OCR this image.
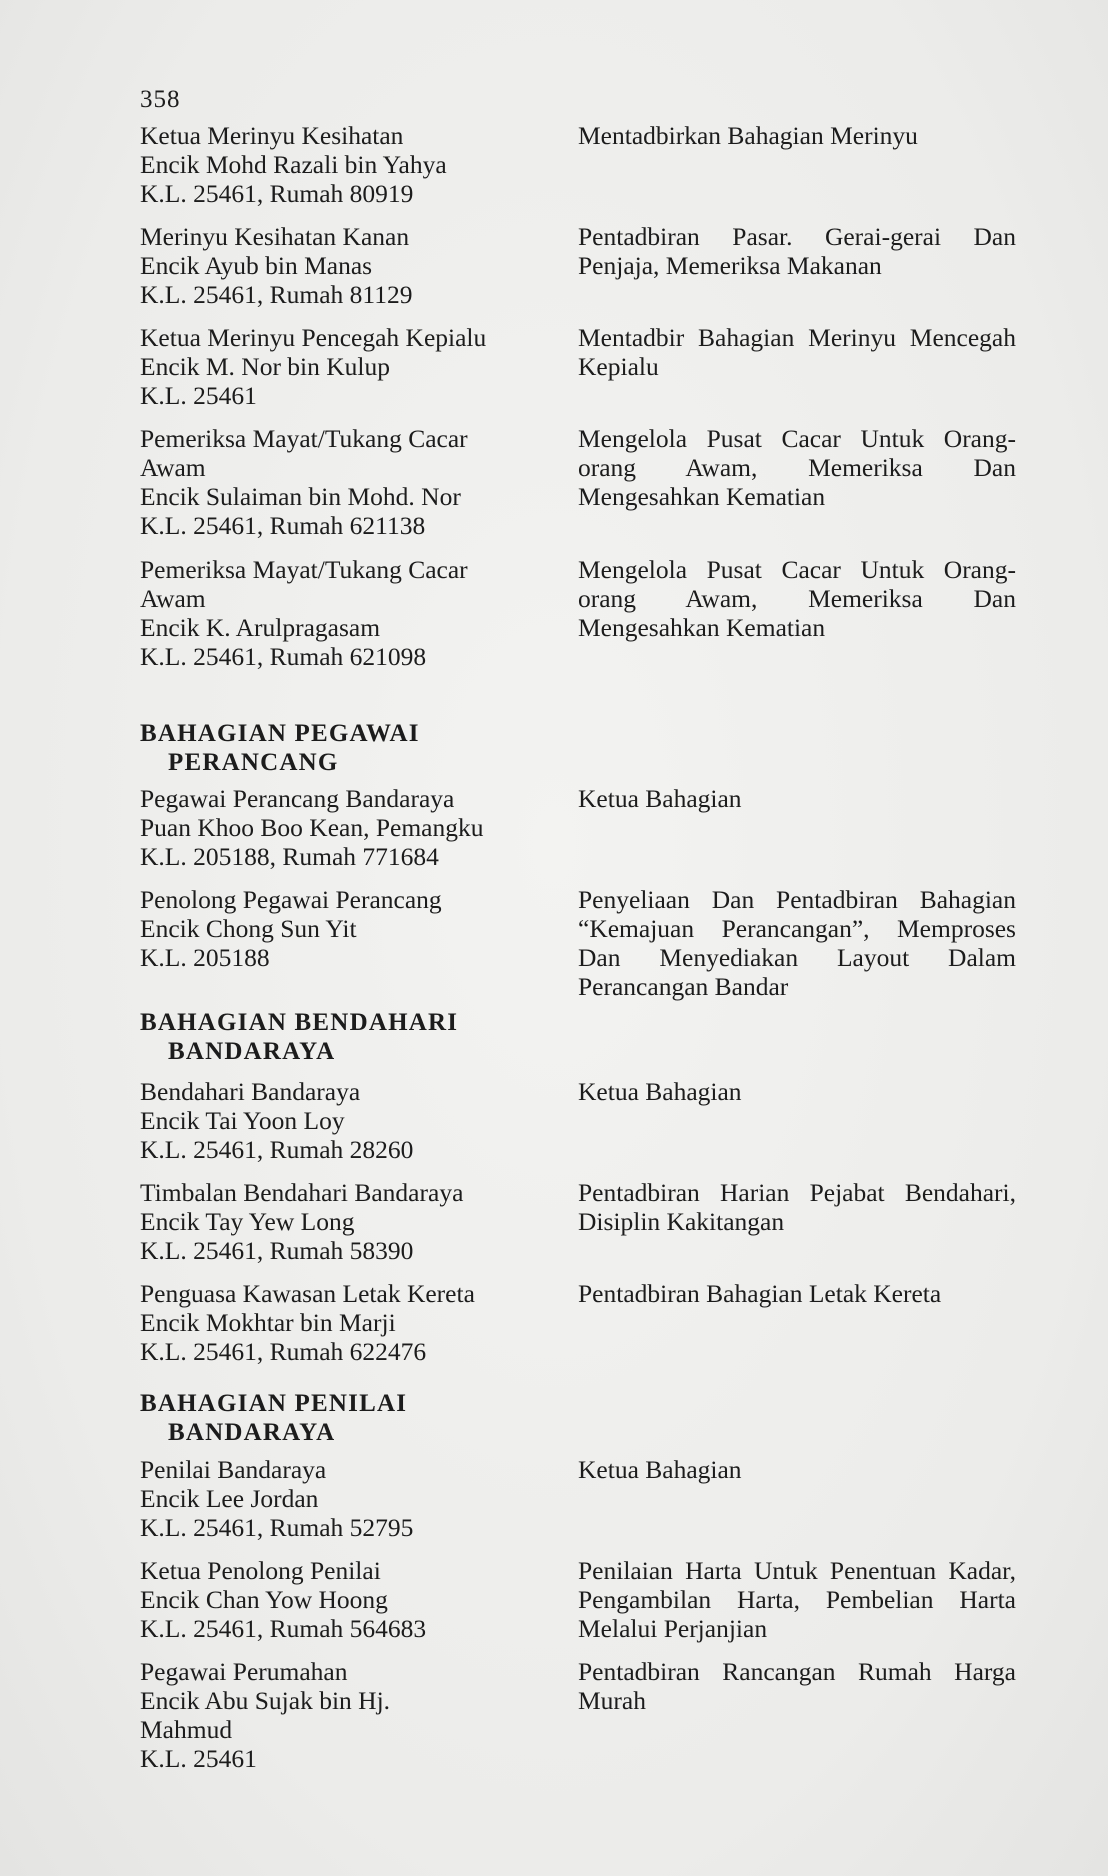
358
Ketua Merinyu Kesihatan
Encik Mohd Razali bin Yahya
K.L. 25461, Rumah 80919
Mentadbirkan Bahagian Merinyu
Merinyu Kesihatan Kanan
Encik Ayub bin Manas
K.L. 25461, Rumah 81129
Pentadbiran Pasar. Gerai-gerai Dan Penjaja, Memeriksa Makanan
Ketua Merinyu Pencegah Kepialu
Encik M. Nor bin Kulup
K.L. 25461
Mentadbir Bahagian Merinyu Mencegah Kepialu
Pemeriksa Mayat/Tukang Cacar
Awam
Encik Sulaiman bin Mohd. Nor
K.L. 25461, Rumah 621138
Mengelola Pusat Cacar Untuk Orang-orang Awam, Memeriksa Dan Mengesahkan Kematian
Pemeriksa Mayat/Tukang Cacar
Awam
Encik K. Arulpragasam
K.L. 25461, Rumah 621098
Mengelola Pusat Cacar Untuk Orang-orang Awam, Memeriksa Dan Mengesahkan Kematian
BAHAGIAN PEGAWAI
PERANCANG
Pegawai Perancang Bandaraya
Puan Khoo Boo Kean, Pemangku
K.L. 205188, Rumah 771684
Ketua Bahagian
Penolong Pegawai Perancang
Encik Chong Sun Yit
K.L. 205188
Penyeliaan Dan Pentadbiran Bahagian “Kemajuan Perancangan”, Memproses Dan Menyediakan Layout Dalam Perancangan Bandar
BAHAGIAN BENDAHARI
BANDARAYA
Bendahari Bandaraya
Encik Tai Yoon Loy
K.L. 25461, Rumah 28260
Ketua Bahagian
Timbalan Bendahari Bandaraya
Encik Tay Yew Long
K.L. 25461, Rumah 58390
Pentadbiran Harian Pejabat Bendahari, Disiplin Kakitangan
Penguasa Kawasan Letak Kereta
Encik Mokhtar bin Marji
K.L. 25461, Rumah 622476
Pentadbiran Bahagian Letak Kereta
BAHAGIAN PENILAI
BANDARAYA
Penilai Bandaraya
Encik Lee Jordan
K.L. 25461, Rumah 52795
Ketua Bahagian
Ketua Penolong Penilai
Encik Chan Yow Hoong
K.L. 25461, Rumah 564683
Penilaian Harta Untuk Penentuan Kadar, Pengambilan Harta, Pembelian Harta Melalui Perjanjian
Pegawai Perumahan
Encik Abu Sujak bin Hj.
Mahmud
K.L. 25461
Pentadbiran Rancangan Rumah Harga Murah
